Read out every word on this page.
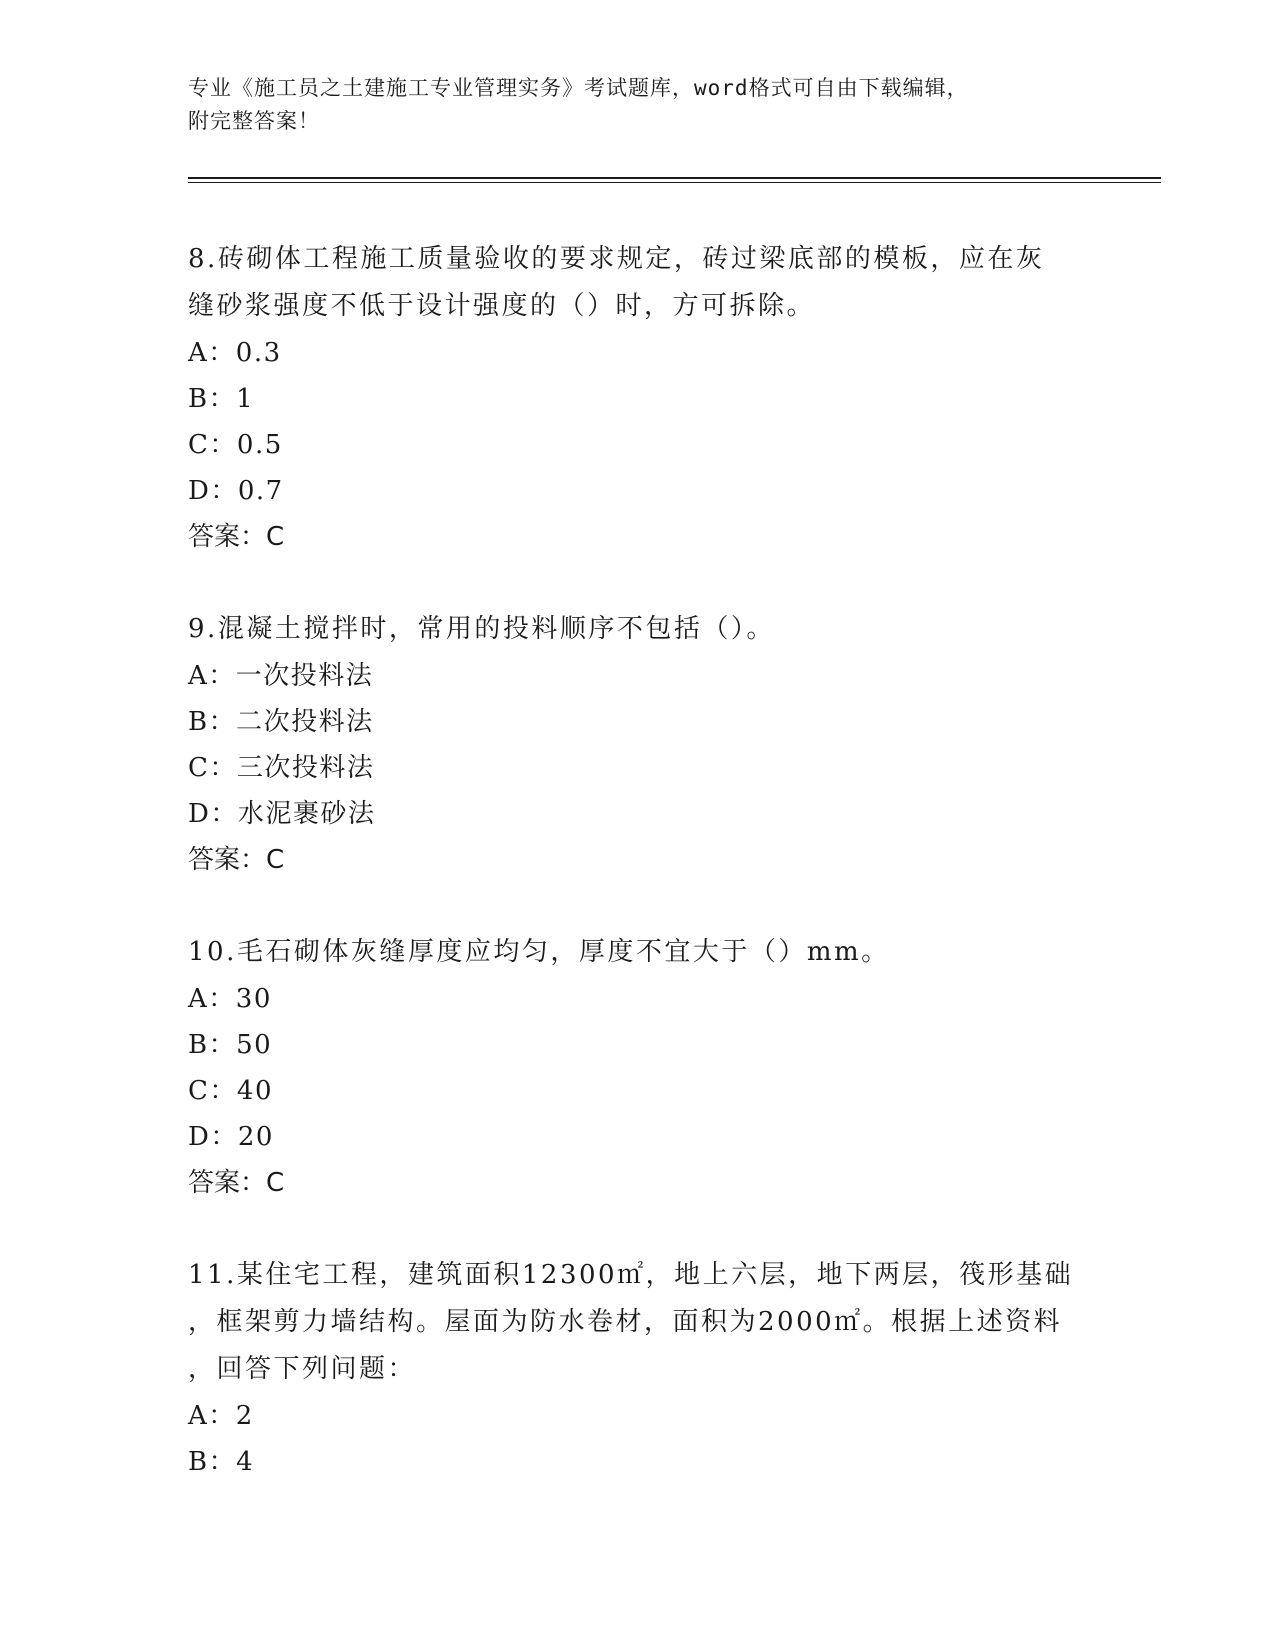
专业《施工员之土建施工专业管理实务》考试题库，word格式可自由下载编辑，
附完整答案！

8.砖砌体工程施工质量验收的要求规定，砖过梁底部的模板，应在灰

缝砂浆强度不低于设计强度的（）时，方可拆除。

A：0.3

B：1

C：0.5

D：0.7

答案：C

9.混凝土搅拌时，常用的投料顺序不包括（）。

A：一次投料法

B：二次投料法

C：三次投料法

D：水泥裹砂法

答案：C

10.毛石砌体灰缝厚度应均匀，厚度不宜大于（）mm。

A：30

B：50

C：40

D：20

答案：C

11.某住宅工程，建筑面积12300㎡，地上六层，地下两层，筏形基础

，框架剪力墙结构。屋面为防水卷材，面积为2000㎡。根据上述资料

，回答下列问题：

A：2

B：4
